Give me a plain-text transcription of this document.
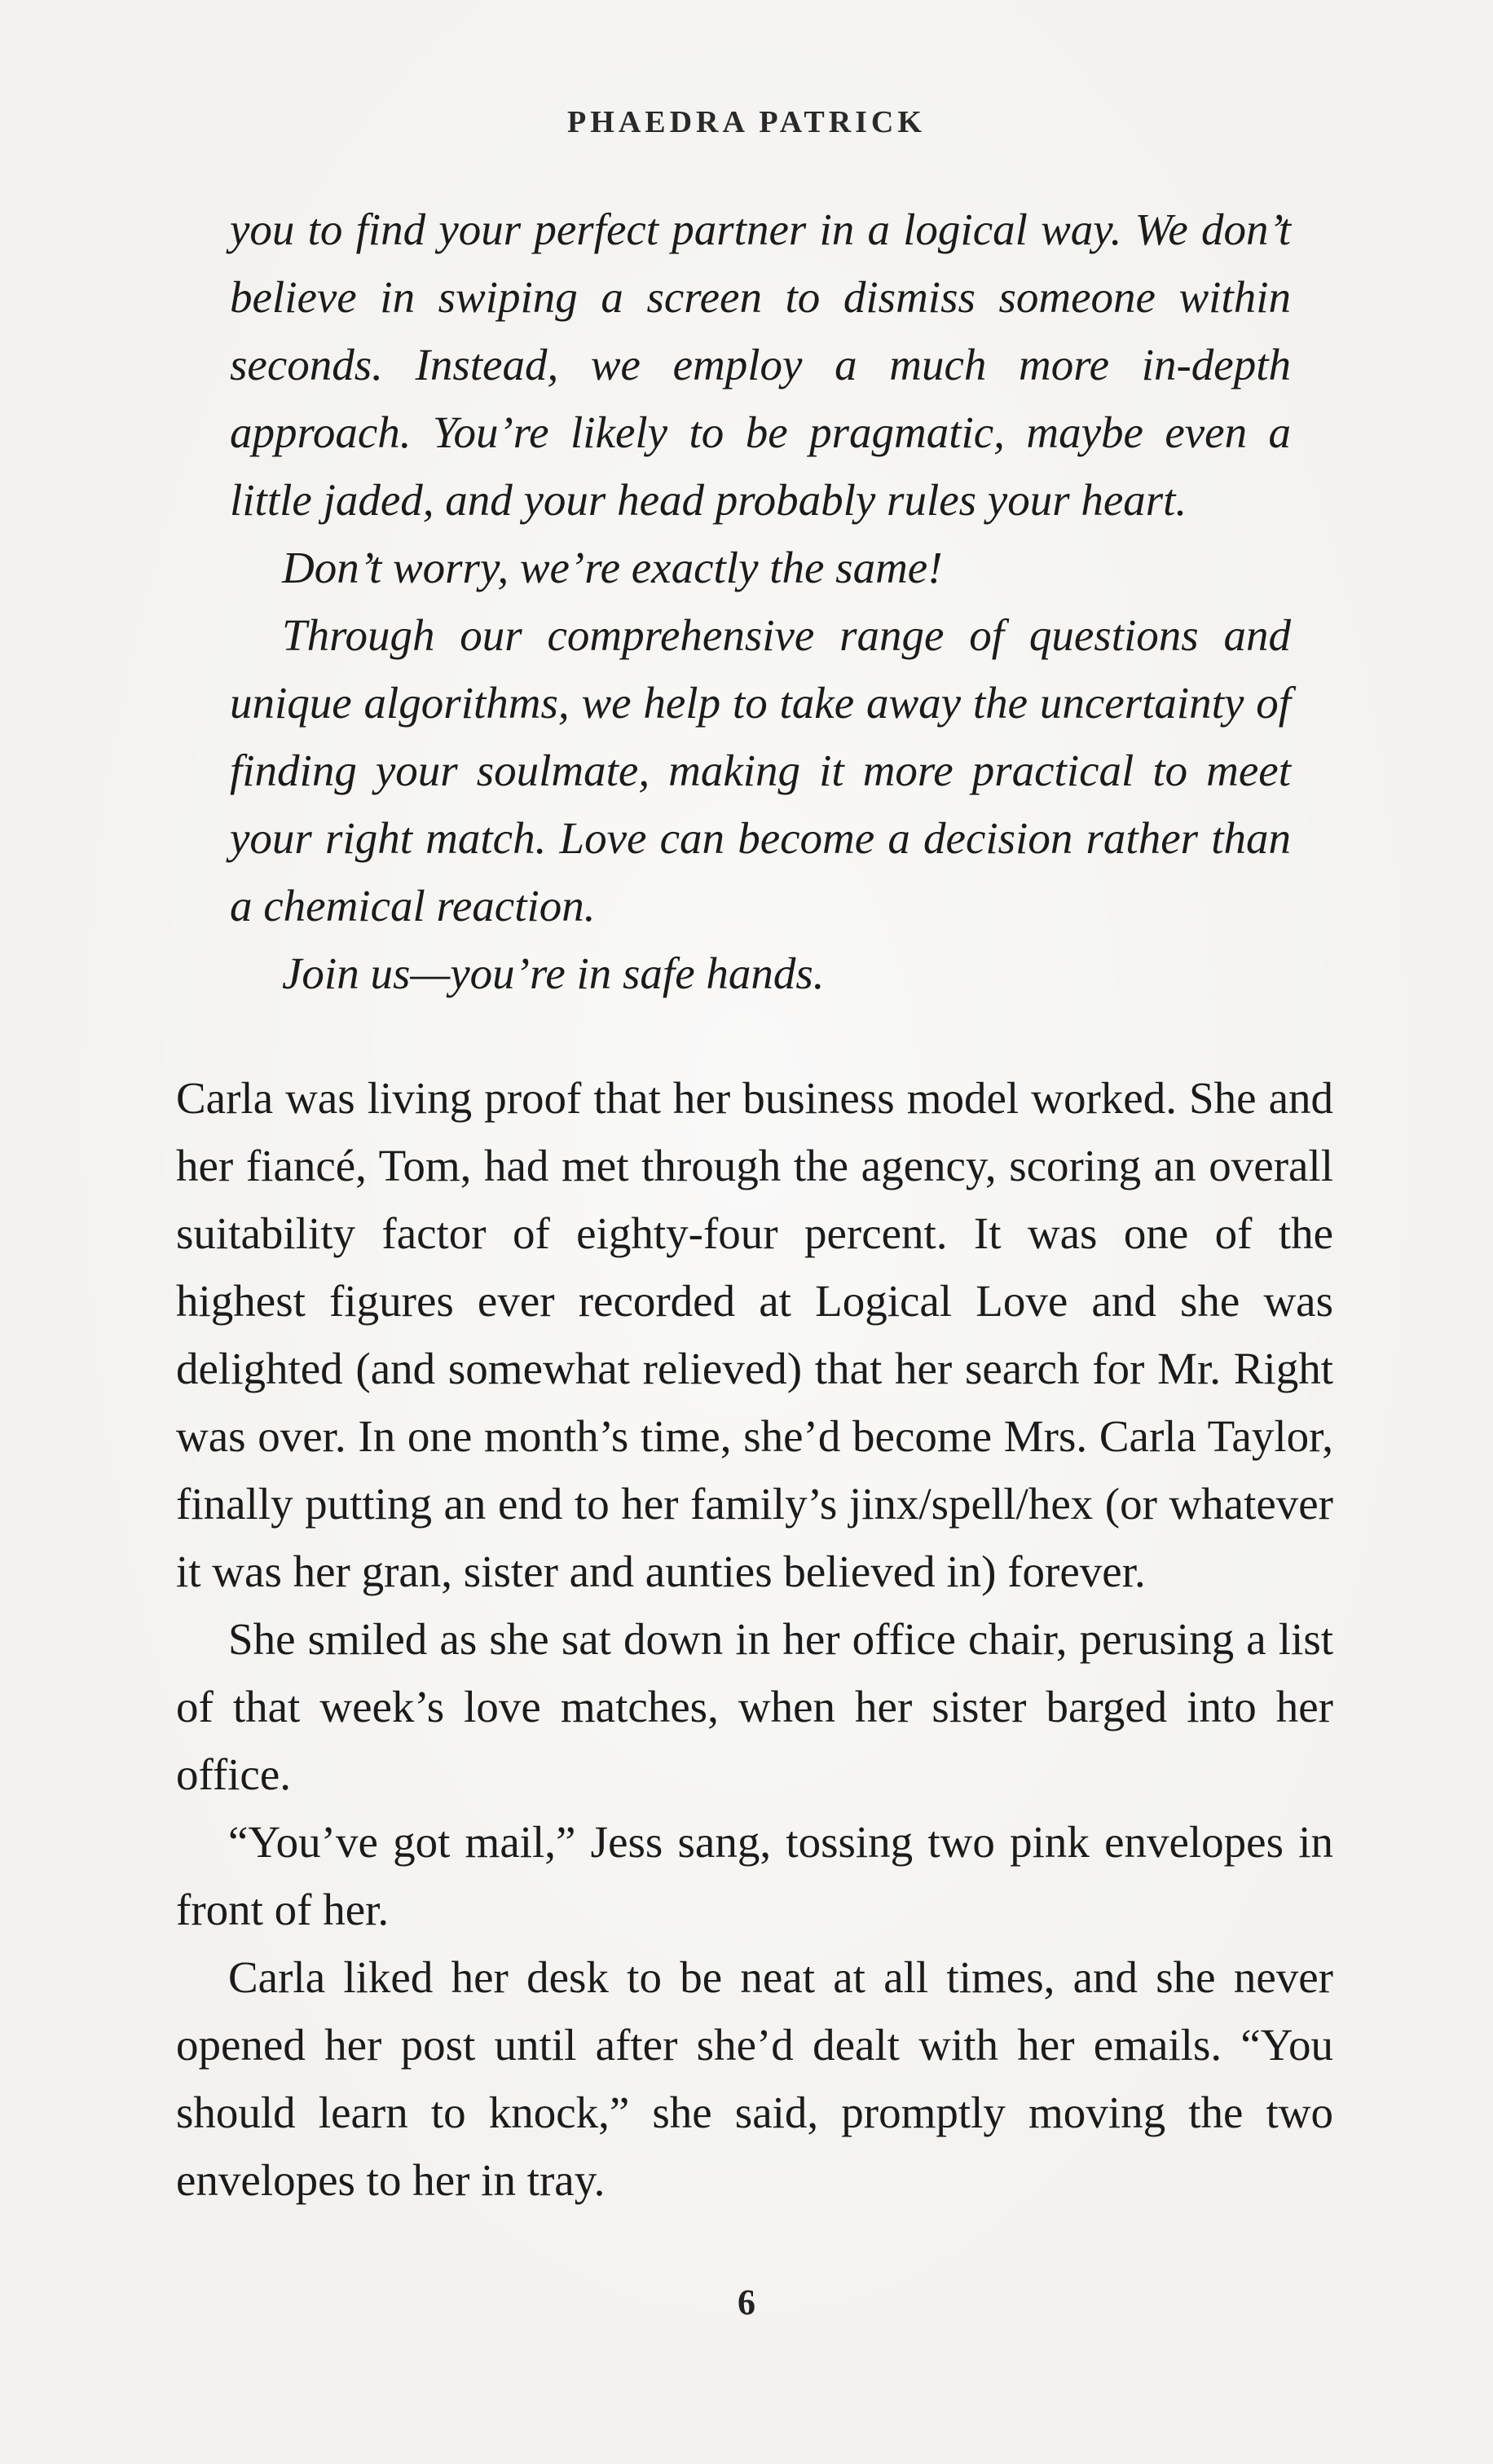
PHAEDRA PATRICK

you to find your perfect partner in a logical way. We don’t believe in swiping a screen to dismiss someone within seconds. Instead, we employ a much more in-depth approach. You’re likely to be pragmatic, maybe even a little jaded, and your head probably rules your heart.

Don’t worry, we’re exactly the same!

Through our comprehensive range of questions and unique algorithms, we help to take away the uncertainty of finding your soulmate, making it more practical to meet your right match. Love can become a decision rather than a chemical reaction.

Join us—you’re in safe hands.

Carla was living proof that her business model worked. She and her fiancé, Tom, had met through the agency, scoring an overall suitability factor of eighty-four percent. It was one of the highest figures ever recorded at Logical Love and she was delighted (and somewhat relieved) that her search for Mr. Right was over. In one month’s time, she’d become Mrs. Carla Taylor, finally putting an end to her family’s jinx/spell/hex (or whatever it was her gran, sister and aunties believed in) forever.

She smiled as she sat down in her office chair, perusing a list of that week’s love matches, when her sister barged into her office.

“You’ve got mail,” Jess sang, tossing two pink envelopes in front of her.

Carla liked her desk to be neat at all times, and she never opened her post until after she’d dealt with her emails. “You should learn to knock,” she said, promptly moving the two envelopes to her in tray.

6
